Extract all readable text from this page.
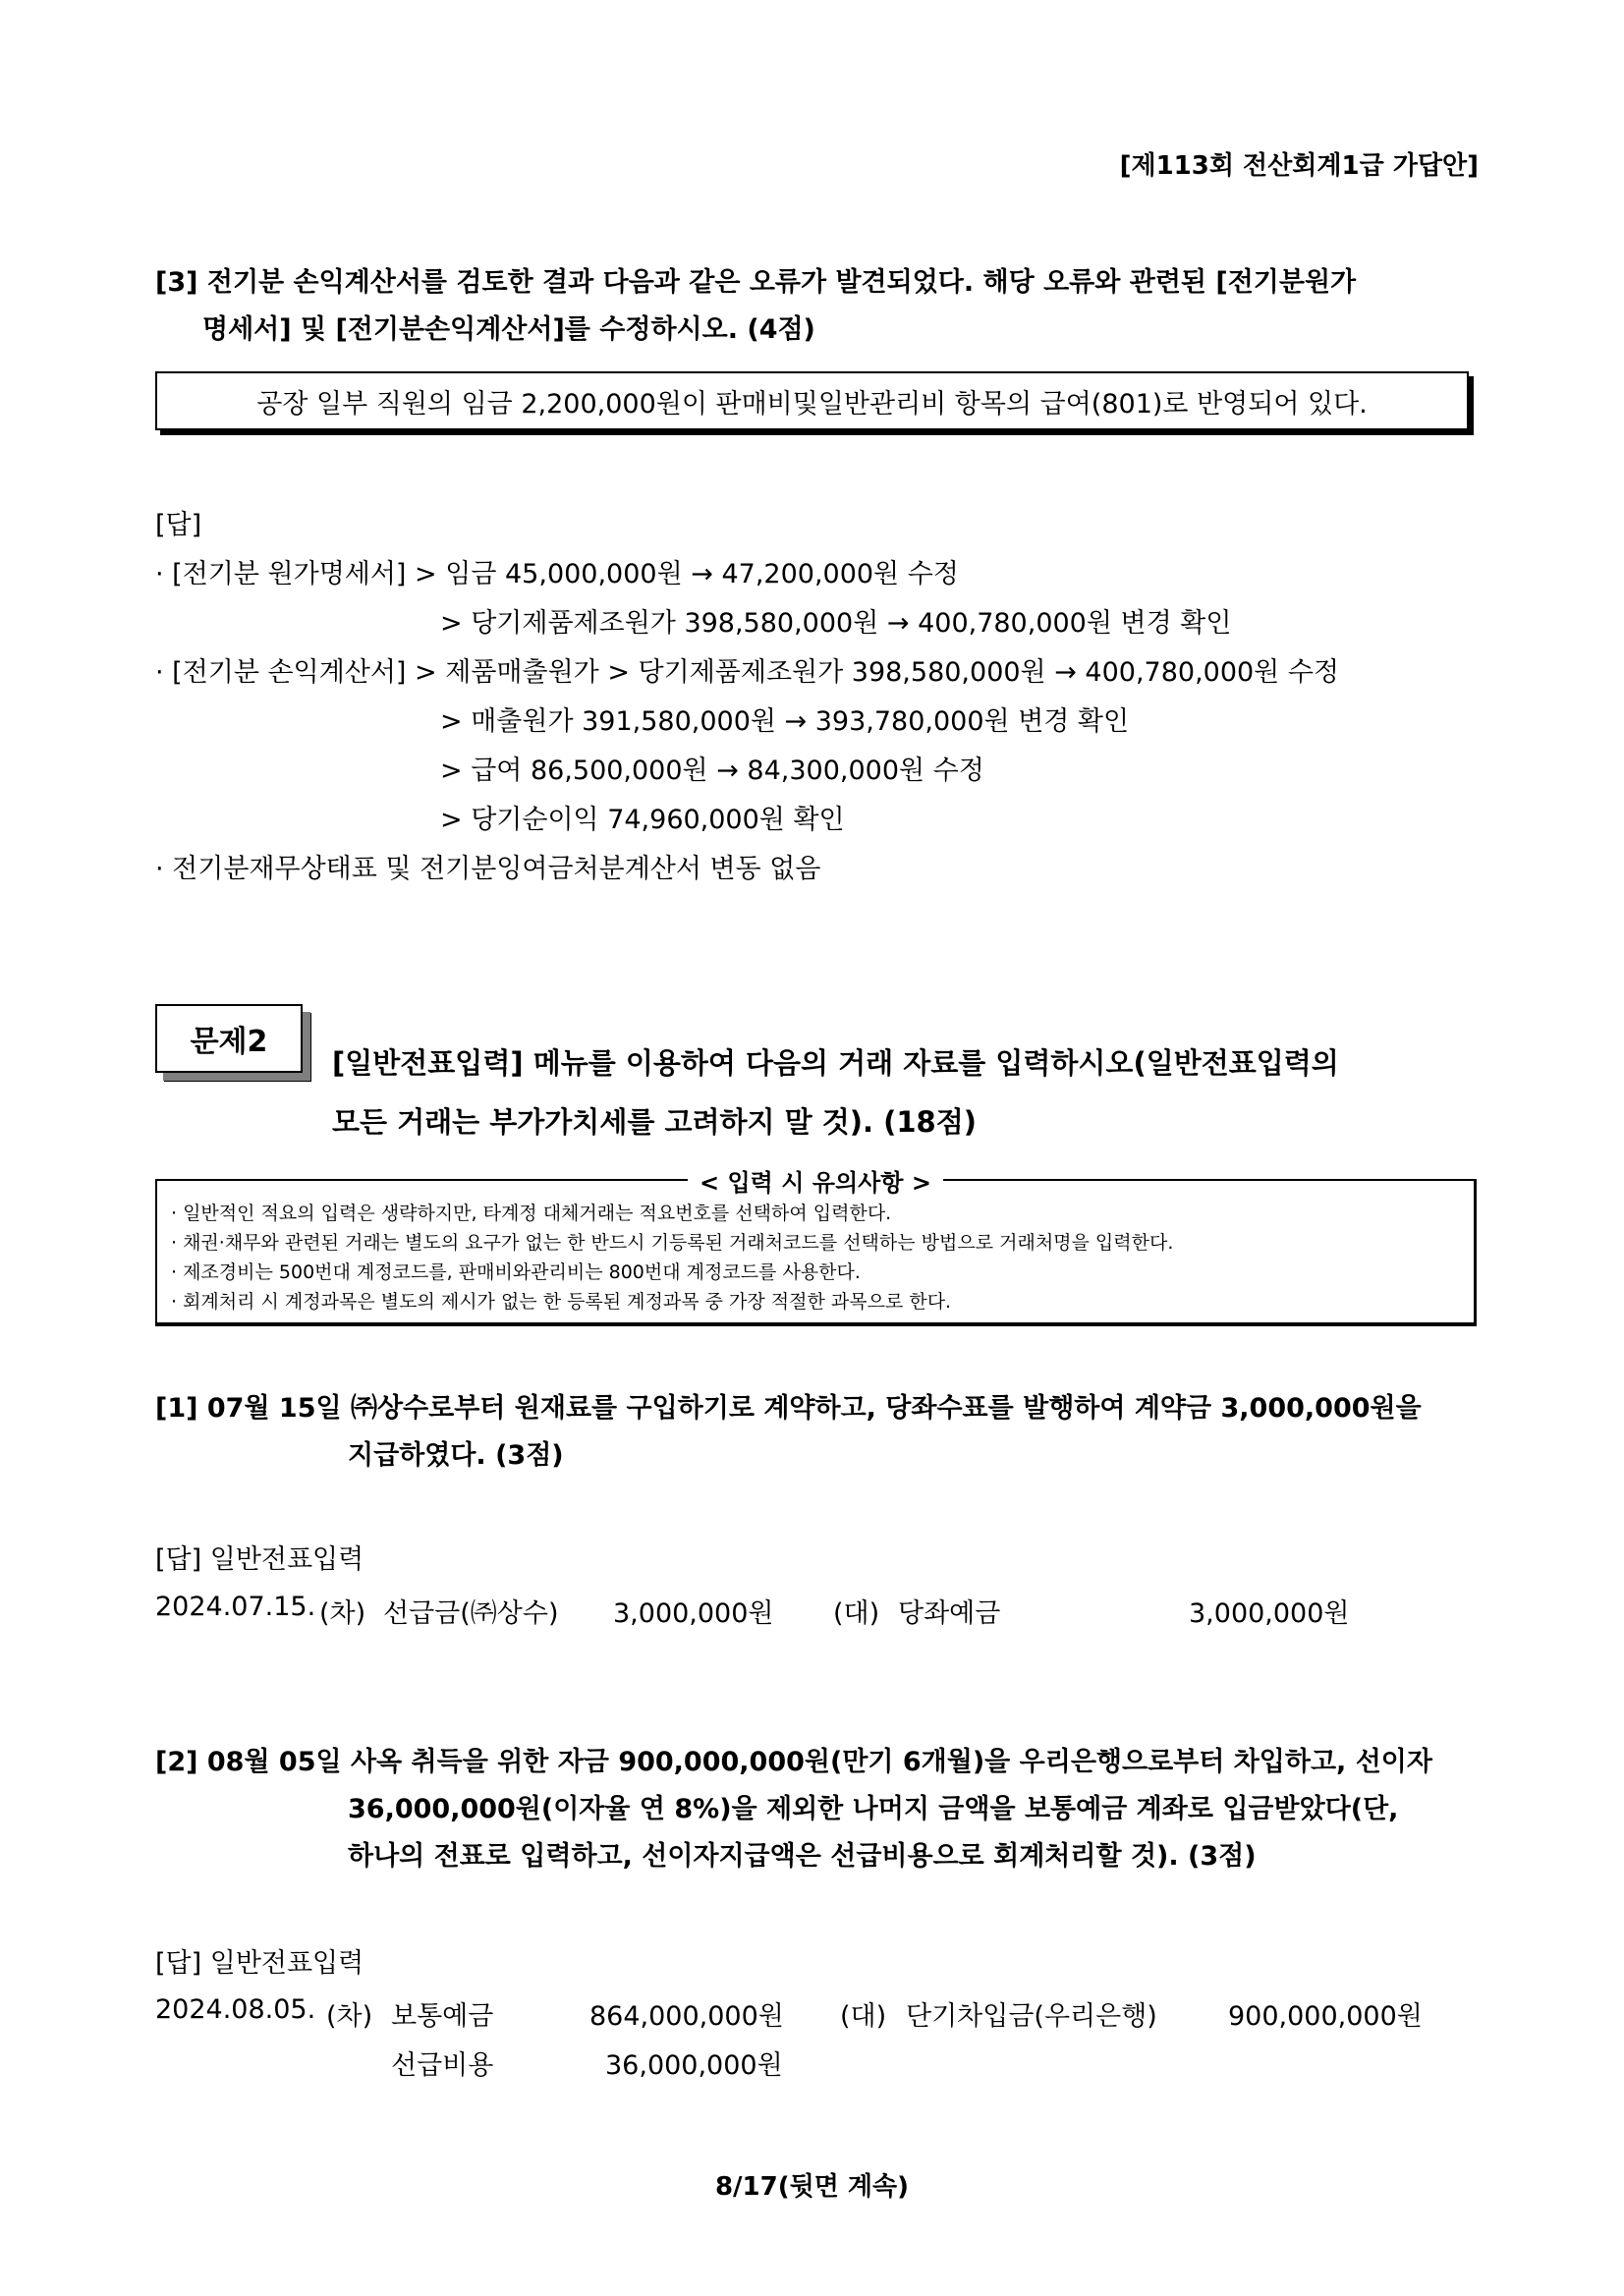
[제113회 전산회계1급 가답안]
[3] 전기분 손익계산서를 검토한 결과 다음과 같은 오류가 발견되었다. 해당 오류와 관련된 [전기분원가
명세서] 및 [전기분손익계산서]를 수정하시오. (4점)
공장 일부 직원의 임금 2,200,000원이 판매비및일반관리비 항목의 급여(801)로 반영되어 있다.
[답]
· [전기분 원가명세서] > 임금 45,000,000원 → 47,200,000원 수정
> 당기제품제조원가 398,580,000원 → 400,780,000원 변경 확인
· [전기분 손익계산서] > 제품매출원가 > 당기제품제조원가 398,580,000원 → 400,780,000원 수정
> 매출원가 391,580,000원 → 393,780,000원 변경 확인
> 급여 86,500,000원 → 84,300,000원 수정
> 당기순이익 74,960,000원 확인
· 전기분재무상태표 및 전기분잉여금처분계산서 변동 없음
문제2
[일반전표입력] 메뉴를 이용하여 다음의 거래 자료를 입력하시오(일반전표입력의
모든 거래는 부가가치세를 고려하지 말 것). (18점)
< 입력 시 유의사항 >
· 일반적인 적요의 입력은 생략하지만, 타계정 대체거래는 적요번호를 선택하여 입력한다.
· 채권·채무와 관련된 거래는 별도의 요구가 없는 한 반드시 기등록된 거래처코드를 선택하는 방법으로 거래처명을 입력한다.
· 제조경비는 500번대 계정코드를, 판매비와관리비는 800번대 계정코드를 사용한다.
· 회계처리 시 계정과목은 별도의 제시가 없는 한 등록된 계정과목 중 가장 적절한 과목으로 한다.
[1] 07월 15일 ㈜상수로부터 원재료를 구입하기로 계약하고, 당좌수표를 발행하여 계약금 3,000,000원을
지급하였다. (3점)
[답] 일반전표입력
2024.07.15. (차) 선급금(㈜상수) 3,000,000원 (대) 당좌예금	3,000,000원
[2] 08월 05일 사옥 취득을 위한 자금 900,000,000원(만기 6개월)을 우리은행으로부터 차입하고, 선이자
36,000,000원(이자율 연 8%)을 제외한 나머지 금액을 보통예금 계좌로 입금받았다(단,
하나의 전표로 입력하고, 선이자지급액은 선급비용으로 회계처리할 것). (3점)
[답] 일반전표입력
2024.08.05. (차) 보통예금	864,000,000원
선급비용	36,000,000원
(대) 단기차입금(우리은행)	900,000,000원
8/17(뒷면 계속)
